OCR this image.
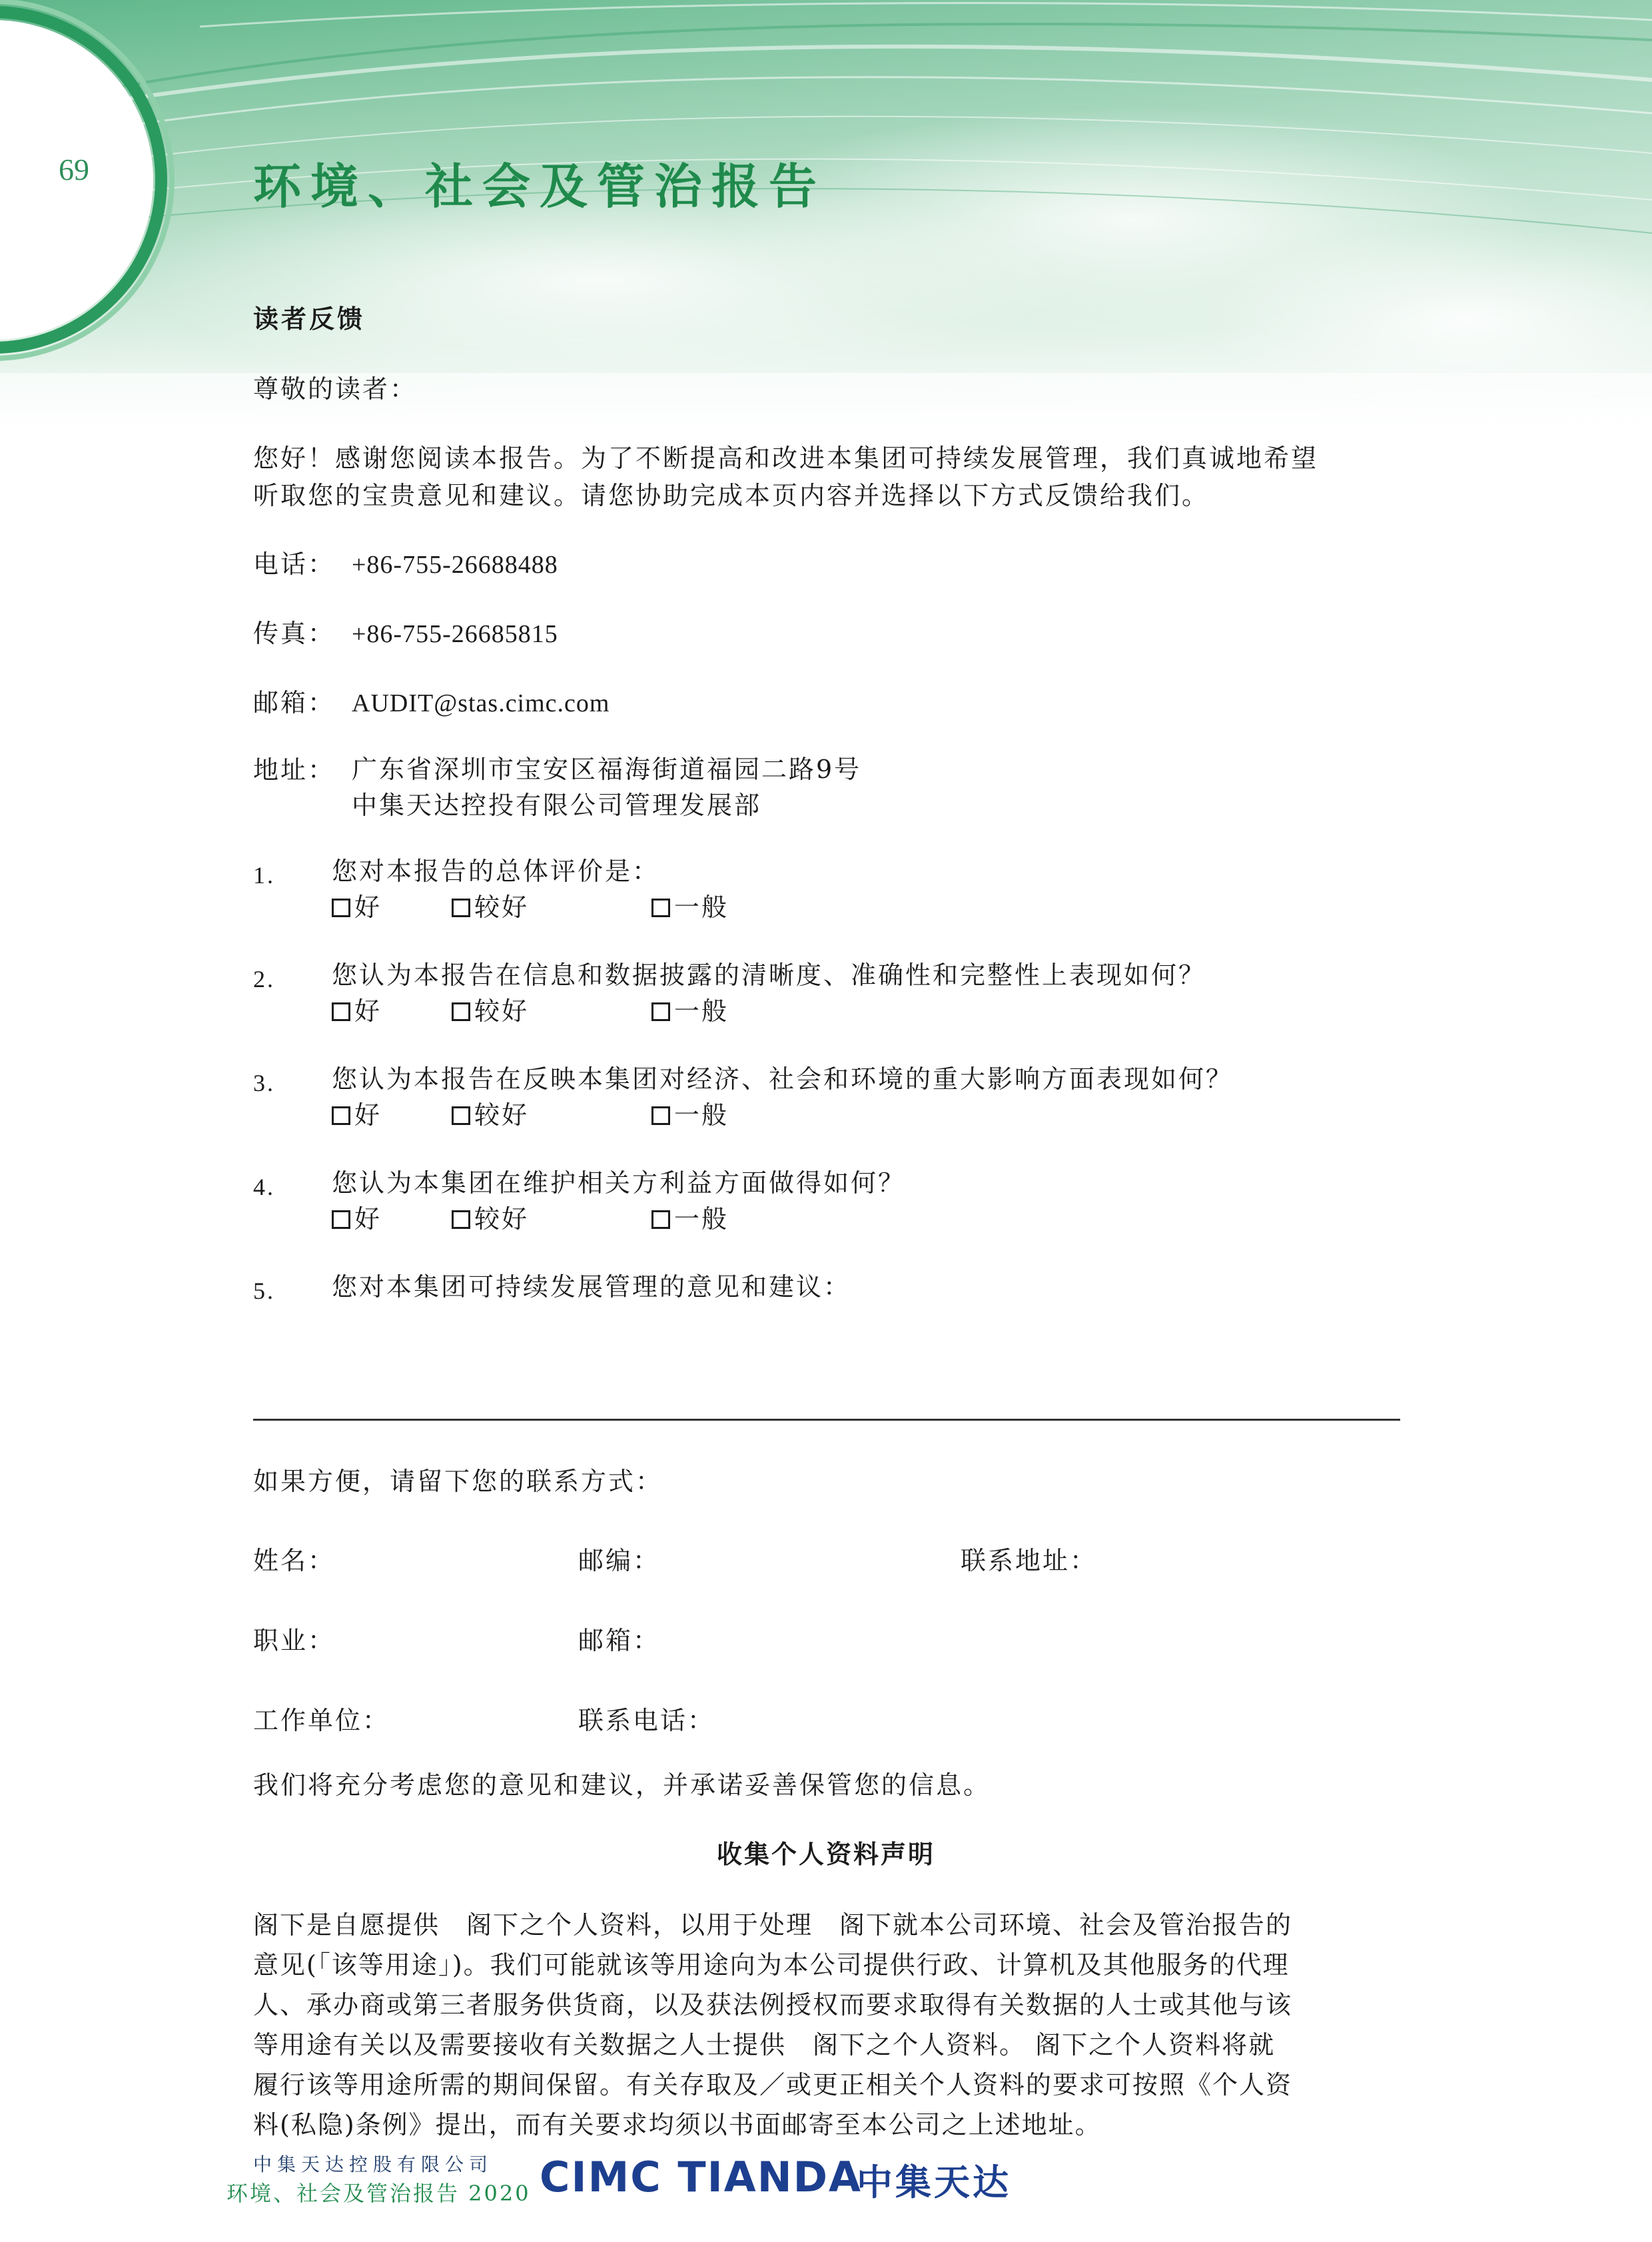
69	环境、社会及管治报告
读者反馈
尊敬的读者：
您好！感谢您阅读本报告。为了不断提高和改进本集团可持续发展管理，我们真诚地希望
听取您的宝贵意见和建议。请您协助完成本页内容并选择以下方式反馈给我们。
电话： +86-755-26688488
传真： +86-755-26685815
邮箱： AUDIT@stas.cimc.com
地址： 广东省深圳市宝安区福海街道福园二路9号
中集天达控投有限公司管理发展部
1. 您对本报告的总体评价是：
好	较好	一般
2. 您认为本报告在信息和数据披露的清晰度、准确性和完整性上表现如何？
好	较好	一般
3. 您认为本报告在反映本集团对经济、社会和环境的重大影响方面表现如何？
好	较好	一般
4. 您认为本集团在维护相关方利益方面做得如何？
好	较好	一般
5. 您对本集团可持续发展管理的意见和建议：
如果方便，请留下您的联系方式：
姓名：	邮编：	联系地址：
职业：	邮箱：
工作单位：	联系电话：
我们将充分考虑您的意见和建议，并承诺妥善保管您的信息。
收集个人资料声明
阁下是自愿提供　阁下之个人资料，以用于处理　阁下就本公司环境、社会及管治报告的
意见(「该等用途」)。我们可能就该等用途向为本公司提供行政、计算机及其他服务的代理
人、承办商或第三者服务供货商，以及获法例授权而要求取得有关数据的人士或其他与该
等用途有关以及需要接收有关数据之人士提供　阁下之个人资料。 阁下之个人资料将就
履行该等用途所需的期间保留。有关存取及／或更正相关个人资料的要求可按照《个人资
料(私隐)条例》提出，而有关要求均须以书面邮寄至本公司之上述地址。
中集天达控股有限公司
环境、社会及管治报告 2020 CIMC TIANDA
中集天达
